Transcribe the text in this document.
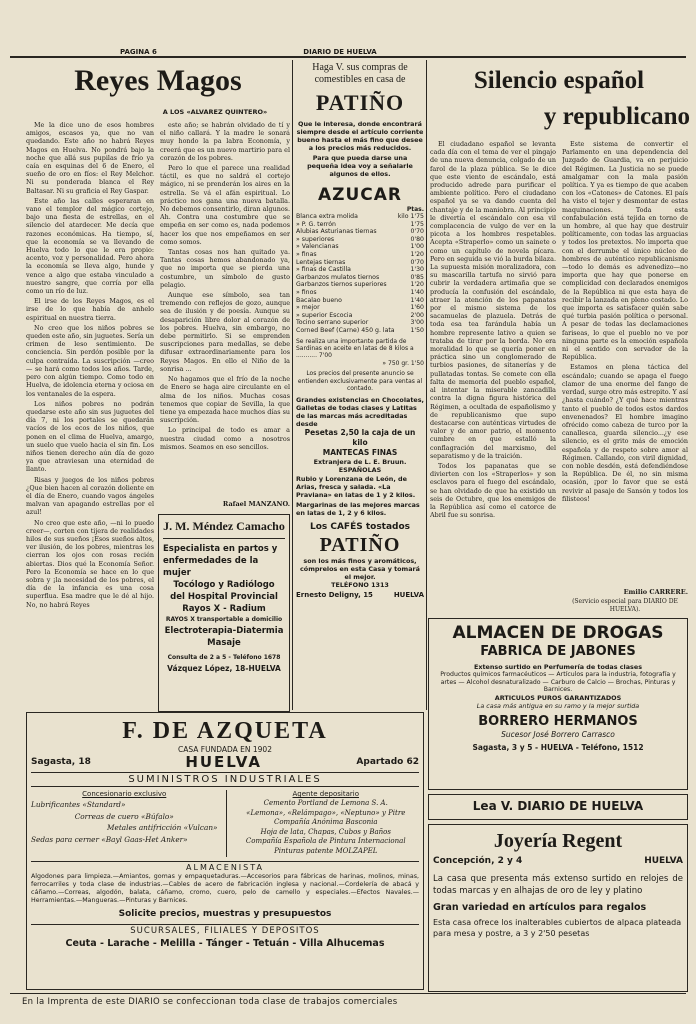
PAGINA 6	DIARIO DE HUELVA
Reyes Magos
A LOS «ALVAREZ QUINTERO»

Me la dice uno de esos hombres amigos, escasos ya, que no van quedando. Este año no habrá Reyes Magos en Huelva. No pondrá bajo la noche que allá sus pupilas de frío ya caía en esquinas del 6 de Enero, el sueño de oro en fíos: el Rey Melchor. Ni su ponderada blanca el Rey Baltasar. Ni su graficia el Rey Gaspar.

Este año las calles esperaran en vano el templor del mágico cortejo, bajo una fiesta de estrellas, en el silencio del atardecer. Me decía que razones económicas. Ha tiempo, sí, que la economía se va llevando de Huelva todo lo que le era propio: acento, voz y personalidad. Pero ahora la economía se lleva algo, hunde y vence a algo que estaba vinculado a nuestro sangre, que corría por ella como un río de luz.

El irse de los Reyes Magos, es el irse de lo que había de anhelo espiritual en nuestra tierra.

No creo que los niños pobres se queden este año, sin juguetes. Sería un crimen de leso sentimiento. De conciencia. Sin perdón posible por la culpa contraída. La suscripción —creo— se hará como todos los años. Tarde, pero con algún tiempo. Como todo en Huelva, de idolencia eterna y ociosa en los ventanales de la espera.

Los niños pobres no podrán quedarse este año sin sus juguetes del día 7, ni los portales se quedarán vacíos de los ecos de los niños, que ponen en el clima de Huelva, amargo, un suelo que vuelo hacia el sin fin. Los niños tienen derecho aún día de gozo ya que atraviesan una eternidad de llanto.

Risas y juegos de los niños pobres ¿Que bien hacen al corazón doliente en el día de Enero, cuando vagos ángeles malvan van apagando estrellas por el azul!

No creo que este año, —ni lo puedo creer—, corten con tijera de realidades hilos de sus sueños ¡Esos sueños altos, ver ilusión, de los pobres, mientras les cierran los ojos con rosas recién abiertas. Dios qué la Economía Señor. Pero la Economía se hace en lo que sobra y ¡la necesidad de los pobres, el día de la infancia es una cosa superflua. Esa madre que le dé al hijo. No, no habrá Reyes

este año; se habrán olvidado de tí y el niño callará. Y la madre le sonará muy hondo la pa labra Economía, y creerá que es un nuevo martirio para el corazón de los pobres.

Pero lo que el parece una realidad táctil, es que no saldrá el cortejo mágico, ni se prenderán los aires en la estrella. Se vá el afán espiritual. Lo práctico nos gana una nueva batalla. No debemos consentirlo, diran algunos. Ah. Contra una costumbre que se empeña en ser como es, nada podemos hacer los que nos empeñamos en ser como somos.

Tantas cosas nos han quitado ya. Tantas cosas hemos abandonado ya, que no importa que se pierda una costumbre, un símbolo de gusto pelagio.

Aunque ese símbolo, sea tan tremendo con reflejos de gozo, aunque sea de ilusión y de poesía. Aunque su desaparición libre dolor al corazón de los pobres. Huelva, sin embargo, no debe permitirlo. Si se emprenden suscripciones para medallas, se debe difusar extraordinariamente para los Reyes Magos. En ello el Niño de la sonrisa ...

No hagamos que el frío de la noche de Enero se haga aire circulante en el alma de los niños. Muchas cosas tenemos que copiar de Sevilla, la que tiene ya empezada hace muchos días su suscripción.

Lo principal de todo es amar a nuestra ciudad como a nosotros mismos. Seamos en eso sencillos.

Rafael MANZANO.
J. M. Méndez Camacho
Especialista en partos y
enfermedades de la mujer
Tocólogo y Radiólogo
del Hospital Provincial
Rayos X - Radium
RAYOS X transportable a domicilio
Electroterapia-Diatermia
Masaje
Consulta de 2 a 5 - Teléfono 1678
Vázquez López, 18-HUELVA
Haga V. sus compras de comestibles en casa de
PATIÑO
Que le interesa, donde encontrará siempre desde el artículo corriente bueno hasta el más fino que desee a los precios más reducidos.
Para que pueda darse una pequeña idea voy a señalarle algunos de ellos.
AZUCAR
Ptas.
Blanca extra molida	kilo 1'75
» P. G. terrón	1'75
Alubias Asturianas tiernas	0'70
» superiores	0'80
» Valencianas	1'00
» finas	1'20
Lentejas tiernas	0'70
» finas de Castilla	1'30
Garbanzos mulatos tiernos	0'85
Garbanzos tiernos superiores	1'20
» finos	1'40
Bacalao bueno	1'40
» mejor	1'60
» superior Escocia	2'00
Tocino serrano superior	3'00
Corned Beef (Carne) 450 g. lata	1'50
Se realiza una importante partida de Sardinas en aceite en latas de 8 kilos a ........... 7'00
» 750 gr. 1'50
Los precios del presente anuncio se entienden exclusivamente para ventas al contado.
Grandes existencias en Chocolates, Galletas de todas clases y Latitas de las marcas más acreditadas desde
Pesetas 2,50 la caja de un kilo
MANTECAS FINAS
Extranjera de L. E. Bruun.
ESPAÑOLAS
Rubio y Lorenzana de León, de Arias, fresca y salada. «La Praviana» en latas de 1 y 2 kilos.
Margarinas de las mejores marcas en latas de 1, 2 y 6 kilos.
Los CAFÉS tostados
PATIÑO
son los más finos y aromáticos, cómprelos en esta Casa y tomará el mejor.
TELÉFONO 1313
Ernesto Deligny, 15	HUELVA
Silencio español
y republicano

El ciudadano español se levanta cada día con el tema de ver el pingajo de una nueva denuncia, colgado de un farol de la plaza pública. Se le dice que este viento de escándalo, está producido adrede para purificar el ambiente político. Pero el ciudadano español ya se va dando cuenta del chantaje y de la maniobra. Al principio le divertía el escándalo con esa vil complacencia de vulgo de ver en la picota a los hombres respetables. Acepta «Straperlo» como un sainete o como un capítulo de novela pícara. Pero en seguida se vió la burda bilaza. La supuesta misión moralizadora, con su mascarilla tartufa no sirvió para cubrir la verdadera artimaña que se producía la confusión del escándalo, atraer la atención de los papanatas por el mismo sistema de los sacamuelas de plazuela. Detrás de toda esa tea farándula había un hombre represente lativo a quien se trataba de tirar por la borda. No era moralidad lo que se quería poner en práctica sino un conglomerado de turbios pasiones, de sitanerías y de pullatadas tontas. Se comete con ella falta de memoria del pueblo español, al intentar la miserable zancadilla contra la digna figura histórica del Régimen, a ocultada de españolismo y de republicanismo que supo destacarse con auténticas virtudes de valor y de amor patrio, el momento cumbre en que estalló la conflagración del marxismo, del separatismo y de la traición.

Todos los papanatas que se divierten con los «Straperlos» y son esclavos para el fuego del escándalo, se han olvidado de que ha existido un seis de Octubre, que los enemigos de la República así como el catorce de Abril fue su sonrisa.

Este sistema de convertir el Parlamento en una dependencia del Juzgado de Guardia, va en perjuicio del Régimen. La Justicia no se puede amalgamar con la mala pasión política. Y ya es tiempo de que acaben con los «Catones» de Catones. El país ha visto el tejer y desmontar de estas maquinaciones. Toda esta confabulación está tejida en torno de un hombre, al que hay que destruir políticamente, con todas las arguacias y todos los pretextos. No importa que con el derrumbe el único núcleo de hombres de auténtico republicanismo—todo lo demás es advenedizo—no importa que hay que ponerse en complicidad con declarados enemigos de la República ni que esta haya de recibir la lanzada en pleno costado. Lo que importa es satisfacer quién sabe qué turbia pasión política o personal. A pesar de todas las declamaciones fariseas, lo que el pueblo no ve por ninguna parte es la emoción española ni el sentido con servador de la República.

Estamos en plena táctica del escándalo; cuando se apaga el fuego clamor de una enorme del fango de verdad, surge otro más estrepito. Y así ¿hasta cuándo? ¿Y qué hace mientras tanto el pueblo de todos estos dardos envenenados? El hombre imagino ofrécido como cabeza de turco por la canallesca, guarda silencio...¿y ese silencio, es el grito más de emoción española y de respeto sobre amor al Régimen. Callando, con viril dignidad, con noble desdén, está defendiéndose la República. De él, no sin misma ocasión, ¡por lo favor que se está revivir al pasaje de Sansón y todos los filisteos!

Emilio CARRERE.
(Servicio especial para DIARIO DE HUELVA).
ALMACEN DE DROGAS
FABRICA DE JABONES
Extenso surtido en Perfumería de todas clases
Productos químicos farmacéuticos — Artículos para la industria, fotografía y artes — Alcohol desnaturalizado — Carburo de Calcio — Brochas, Pinturas y Barnices.
ARTICULOS PUROS GARANTIZADOS
La casa más antigua en su ramo y la mejor surtida
BORRERO HERMANOS
Sucesor José Borrero Carrasco
Sagasta, 3 y 5 - HUELVA - Teléfono, 1512
Lea V. DIARIO DE HUELVA
Joyería Regent
Concepción, 2 y 4	HUELVA
La casa que presenta más extenso surtido en relojes de todas marcas y en alhajas de oro de ley y platino
Gran variedad en artículos para regalos
Esta casa ofrece los inalterables cubiertos de alpaca plateada para mesa y postre, a 3 y 2'50 pesetas
F. DE AZQUETA
CASA FUNDADA EN 1902
Sagasta, 18	HUELVA	Apartado 62
SUMINISTROS INDUSTRIALES
Concesionario exclusivo
Lubrificantes «Standard»
Correas de cuero «Búfalo»
Metales antifricción «Vulcan»
Sedas para cerner «Bayl Gaas-Het Anker»
Agente depositario
Cemento Portland de Lemona S. A.
«Lemona», «Relámpago», «Neptuno» y Pitre
Compañía Anónima Basconia
Hoja de lata, Chapas, Cubos y Baños
Compañía Española de Pintura Internacional
Pinturas patente MOLZAPEL
ALMACENISTA
Algodones para limpieza.—Amiantos, gomas y empaquetaduras.—Accesorios para fábricas de harinas, molinos, minas, ferrocarriles y toda clase de industrias.—Cables de acero de fabricación inglesa y nacional.—Cordelería de abacá y cáñamo.—Correas, algodón, balata, cáñamo, cromo, cuero, pelo de camello y especiales.—Efectos Navales.—Herramientas.—Mangueras.—Pinturas y Barnices.
Solicite precios, muestras y presupuestos
SUCURSALES, FILIALES Y DEPOSITOS
Ceuta - Larache - Melilla - Tánger - Tetuán - Villa Alhucemas
En la Imprenta de este DIARIO se confeccionan toda clase de trabajos comerciales
